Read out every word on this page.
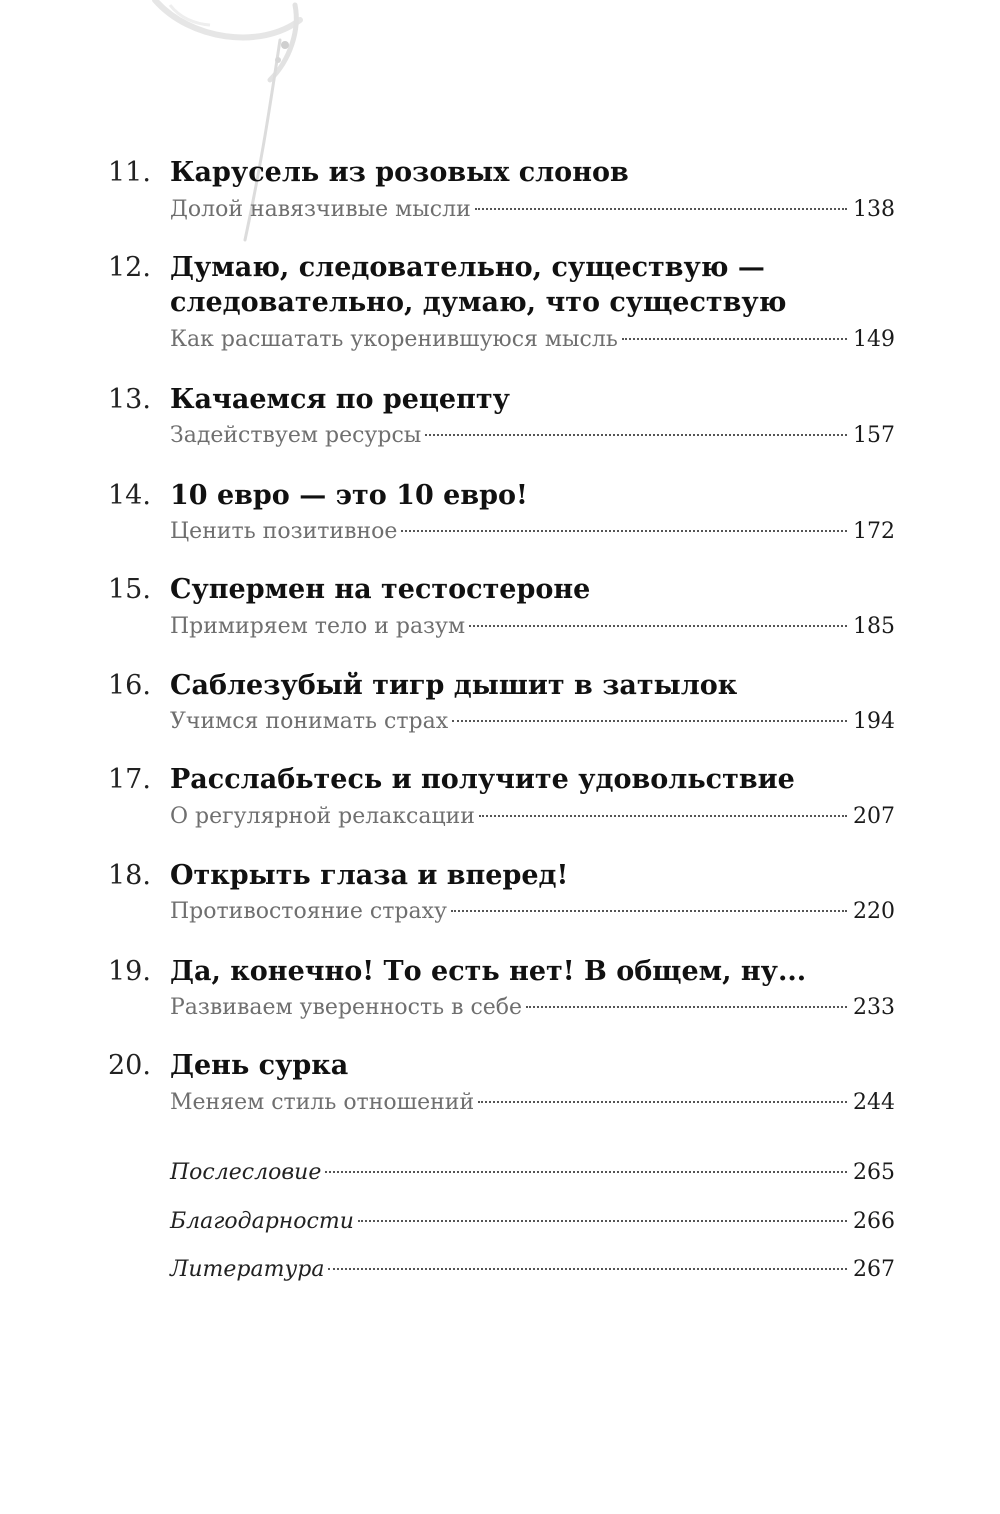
11. Карусель из розовых слонов
Долой навязчивые мысли	138
12. Думаю, следовательно, существую —
следовательно, думаю, что существую
Как расшатать укоренившуюся мысль	149
13. Качаемся по рецепту
Задействуем ресурсы	157
14. 10 евро — это 10 евро!
Ценить позитивное	172
15. Супермен на тестостероне
Примиряем тело и разум	185
16. Саблезубый тигр дышит в затылок
Учимся понимать страх	194
17. Расслабьтесь и получите удовольствие
О регулярной релаксации	207
18. Открыть глаза и вперед!
Противостояние страху	220
19. Да, конечно! То есть нет! В общем, ну...
Развиваем уверенность в себе	233
20. День сурка
Меняем стиль отношений	244
Послесловие	265
Благодарности	266
Литература	267
